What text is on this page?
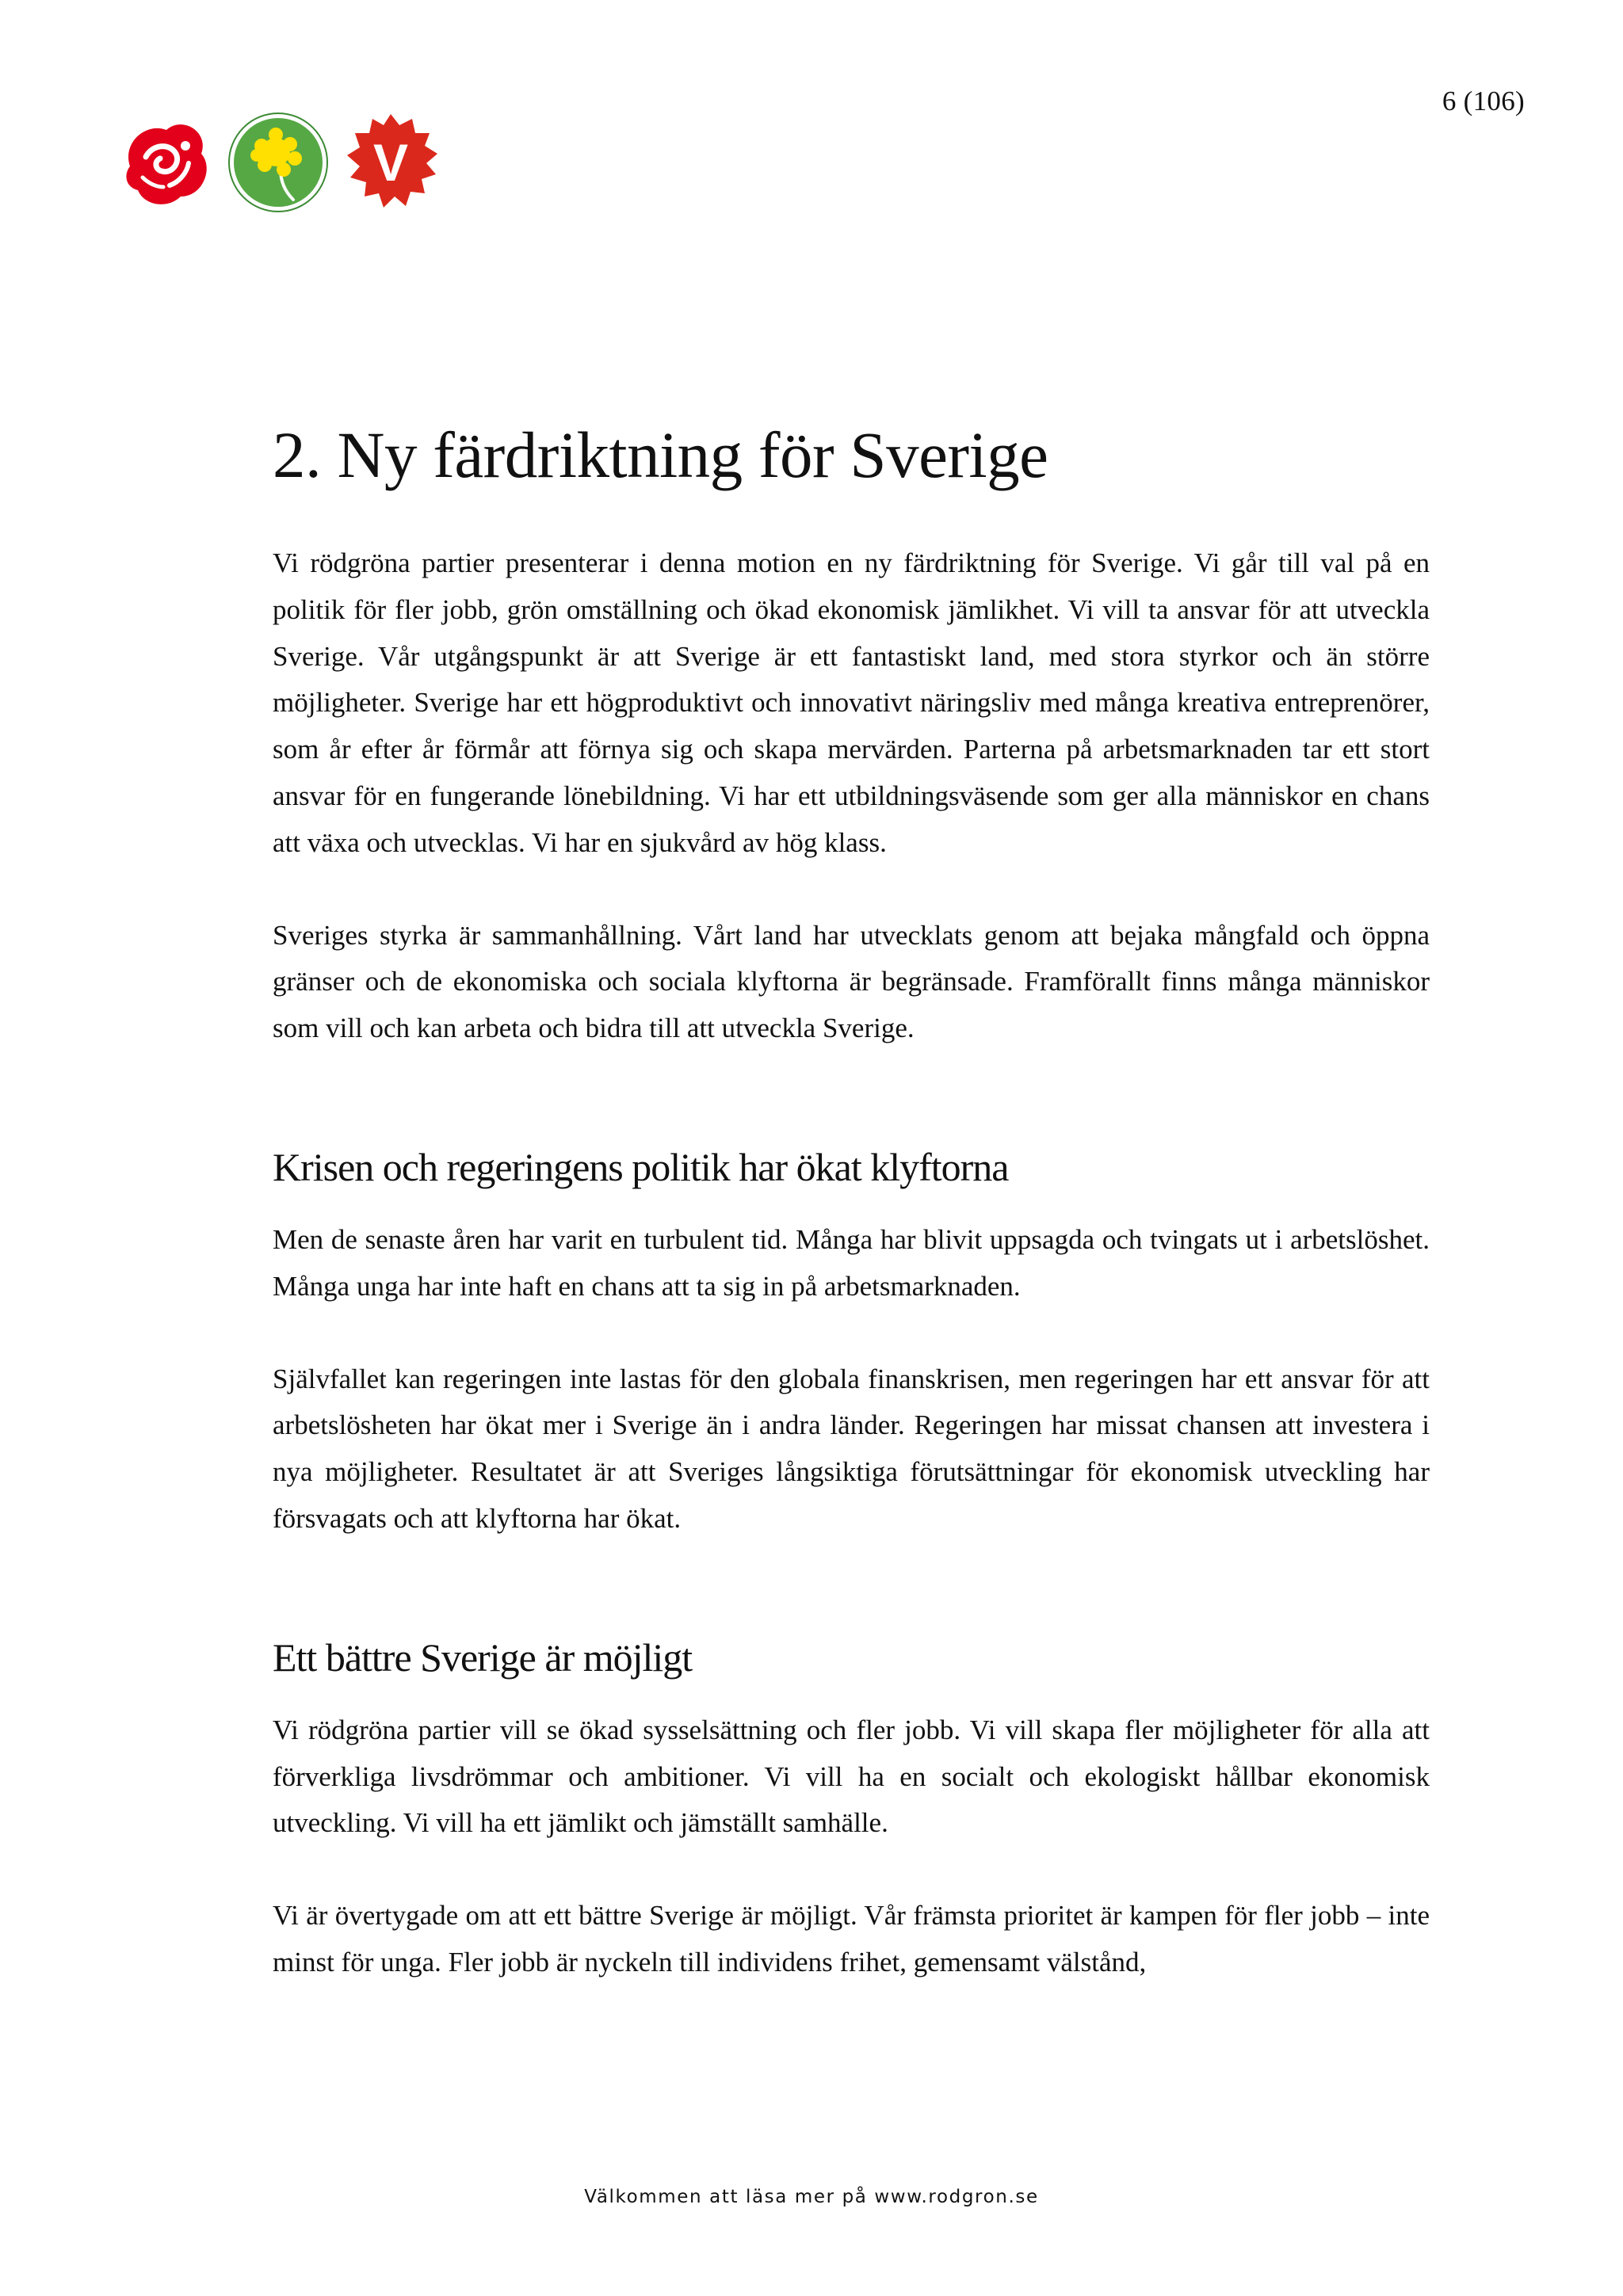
6 (106)
V
2. Ny färdriktning för Sverige

Vi rödgröna partier presenterar i denna motion en ny färdriktning för Sverige. Vi går till val på en politik för fler jobb, grön omställning och ökad ekonomisk jämlikhet. Vi vill ta ansvar för att utveckla Sverige. Vår utgångspunkt är att Sverige är ett fantastiskt land, med stora styrkor och än större möjligheter. Sverige har ett högproduktivt och innovativt näringsliv med många kreativa entreprenörer, som år efter år förmår att förnya sig och skapa mervärden. Parterna på arbetsmarknaden tar ett stort ansvar för en fungerande lönebildning. Vi har ett utbildningsväsende som ger alla människor en chans att växa och utvecklas. Vi har en sjukvård av hög klass.

Sveriges styrka är sammanhållning. Vårt land har utvecklats genom att bejaka mångfald och öppna gränser och de ekonomiska och sociala klyftorna är begränsade. Framförallt finns många människor som vill och kan arbeta och bidra till att utveckla Sverige.

Krisen och regeringens politik har ökat klyftorna

Men de senaste åren har varit en turbulent tid. Många har blivit uppsagda och tvingats ut i arbetslöshet. Många unga har inte haft en chans att ta sig in på arbetsmarknaden.

Självfallet kan regeringen inte lastas för den globala finanskrisen, men regeringen har ett ansvar för att arbetslösheten har ökat mer i Sverige än i andra länder. Regeringen har missat chansen att investera i nya möjligheter. Resultatet är att Sveriges långsiktiga förutsättningar för ekonomisk utveckling har försvagats och att klyftorna har ökat.

Ett bättre Sverige är möjligt

Vi rödgröna partier vill se ökad sysselsättning och fler jobb. Vi vill skapa fler möjligheter för alla att förverkliga livsdrömmar och ambitioner. Vi vill ha en socialt och ekologiskt hållbar ekonomisk utveckling. Vi vill ha ett jämlikt och jämställt samhälle.

Vi är övertygade om att ett bättre Sverige är möjligt. Vår främsta prioritet är kampen för fler jobb – inte minst för unga. Fler jobb är nyckeln till individens frihet, gemensamt välstånd,

Välkommen att läsa mer på www.rodgron.se
